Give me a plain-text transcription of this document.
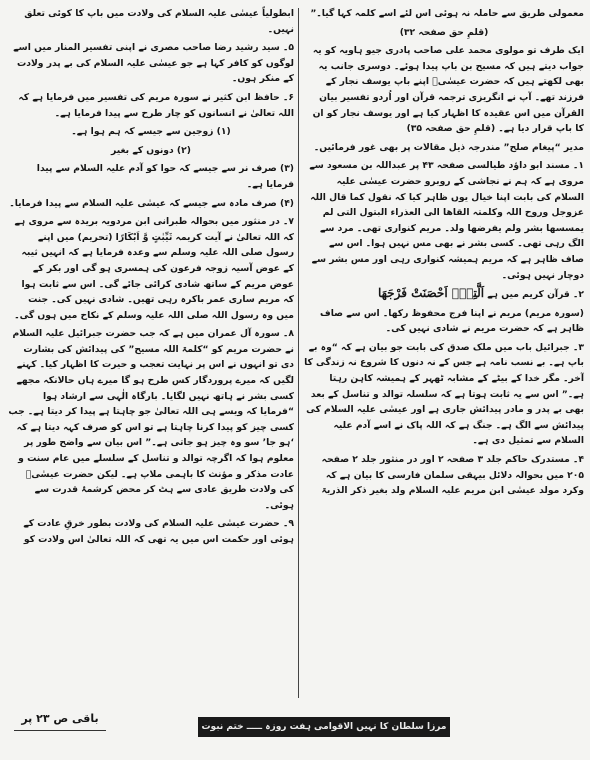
معمولی طریق سے حاملہ نہ ہوئی اس لئے اسے کلمہ کہا گیا۔”

(قلمِ حق صفحہ ۳۲)

ایک طرف تو مولوی محمد علی صاحب پادری جیو ہاویہ کو یہ جواب دیتے ہیں کہ مسیح بن باپ پیدا ہوئے۔ دوسری جانب یہ بھی لکھتے ہیں کہ حضرت عیسٰیؑ اپنے باپ یوسف نجار کے فرزند تھے۔ آپ نے انگریزی ترجمہ قرآن اور اُردو تفسیر بیان القرآن میں اس عقیدہ کا اظہار کیا ہے اور یوسف نجار کو ان کا باپ قرار دیا ہے۔ (قلمِ حق صفحہ ۳۵)

مدیر “پیغام صلح” مندرجہ ذیل مقالات پر بھی غور فرمائیں۔

۱۔ مسند ابو داؤد طیالسی صفحہ ۴۳ پر عبداللہ بن مسعود سے مروی ہے کہ ہم نے نجاشی کے روبرو حضرت عیسٰی علیہ السلام کی بابت اپنا خیال یوں ظاہر کیا کہ نقول کما قال اللہ عزوجل وروح اللہ وکلمتہ القاھا الی العذراء البتول التی لم یمسسھا بشر ولم یفرضھا ولد۔ مریم کنواری تھی۔ مرد سے الگ رہی تھی۔ کسی بشر نے بھی مس نہیں ہوا۔ اس سے صاف ظاہر ہے کہ مریم ہمیشہ کنواری رہی اور مس بشر سے دوچار نہیں ہوئی۔

۲۔ قرآن کریم میں ہے اَلَّتِیْۤ اَحْصَنَتْ فَرْجَهَا

(سورہ مریم) مریم نے اپنا فرج محفوظ رکھا۔ اس سے صاف ظاہر ہے کہ حضرت مریم نے شادی نہیں کی۔

۳۔ جبرائیل باب میں ملک صدق کی بابت جو بیان ہے کہ “وہ بے باپ ہے۔ بے نسب نامہ ہے جس کے نہ دنوں کا شروع نہ زندگی کا آخر۔ مگر خدا کے بیٹے کے مشابہ ٹھہر کے ہمیشہ کاہن رہتا ہے۔” اس سے یہ ثابت ہوتا ہے کہ سلسلہ توالد و تناسل کے بعد بھی بے پدر و مادر پیدائش جاری ہے اور عیسٰی علیہ السلام کی پیدائش سے الگ ہے۔ جنگ ہے کہ اللہ پاک نے اسے آدم علیہ السلام سے تمثیل دی ہے۔

۴۔ مستدرک حاکم جلد ۳ صفحہ ۲ اور در منثور جلد ۲ صفحہ ۲۰۵ میں بحوالہ دلائل بیہقی سلمان فارسی کا بیان ہے کہ وکرد مولد عیسٰی ابن مریم علیہ السلام ولد بغیر ذکر الذریۃ

ابطولیاً عیسٰی علیہ السلام کی ولادت میں باپ کا کوئی تعلق نہیں۔

۵۔ سید رشید رضا صاحب مصری نے اپنی تفسیر المنار میں اسے لوگوں کو کافر کہا ہے جو عیسٰی علیہ السلام کی بے پدر ولادت کے منکر ہوں۔

۶۔ حافظ ابن کثیر نے سورہ مریم کی تفسیر میں فرمایا ہے کہ اللہ تعالیٰ نے انسانوں کو چار طرح سے پیدا فرمایا ہے۔

(۱) زوجین سے جیسے کہ ہم ہوا ہے۔

(۲) دونوں کے بغیر

(۳) صرف نر سے جیسے کہ حوا کو آدم علیہ السلام سے پیدا فرمایا ہے۔

(۴) صرف مادہ سے جیسے کہ عیسٰی علیہ السلام سے پیدا فرمایا۔

۷۔ در منثور میں بحوالہ طبرانی ابن مردویہ بریدہ سے مروی ہے کہ اللہ تعالیٰ نے آیت کریمہ ثَیِّبٰتٍ وَّ اَبْکَارًا (تحریم) میں اپنے رسول صلی اللہ علیہ وسلم سے وعدہ فرمایا ہے کہ انہیں ثیبہ کے عوض آسیہ زوجہ فرعون کی ہمسری ہو گی اور بکر کے عوض مریم کے ساتھ شادی کرائی جائے گی۔ اس سے ثابت ہوا کہ مریم ساری عمر باکرہ رہی تھیں۔ شادی نہیں کی۔ جنت میں وہ رسول اللہ صلی اللہ علیہ وسلم کے نکاح میں ہوں گی۔

۸۔ سورہ آل عمران میں ہے کہ جب حضرت جبرائیل علیہ السلام نے حضرت مریم کو “کلمۃ اللہ مسیح” کی پیدائش کی بشارت دی تو انہوں نے اس پر نہایت تعجب و حیرت کا اظہار کیا۔ کہنے لگیں کہ میرے پروردگار کس طرح ہو گا میرے ہاں حالانکہ مجھے کسی بشر نے ہاتھ نہیں لگایا۔ بارگاہ الٰہی سے ارشاد ہوا “فرمایا کہ ویسے ہی اللہ تعالیٰ جو چاہتا ہے پیدا کر دیتا ہے۔ جب کسی چیز کو پیدا کرنا چاہتا ہے تو اس کو صرف کہہ دیتا ہے کہ ‘ہو جا’ سو وہ چیز ہو جاتی ہے۔” اس بیان سے واضح طور پر معلوم ہوا کہ اگرچہ توالد و تناسل کے سلسلے میں عام سنت و عادت مذکر و مؤنث کا باہمی ملاپ ہے۔ لیکن حضرت عیسٰیؑ کی ولادت طریق عادی سے ہٹ کر محض کرشمۂ قدرت سے ہوئی۔

۹۔ حضرت عیسٰی علیہ السلام کی ولادت بطور خرقِ عادت کے ہوئی اور حکمت اس میں یہ تھی کہ اللہ تعالیٰ اس ولادت کو

باقی ص ۲۳ پر
مرزا سلطان کا نہیں الاقوامی ہفت روزہ ـــــ ختم نبوت
